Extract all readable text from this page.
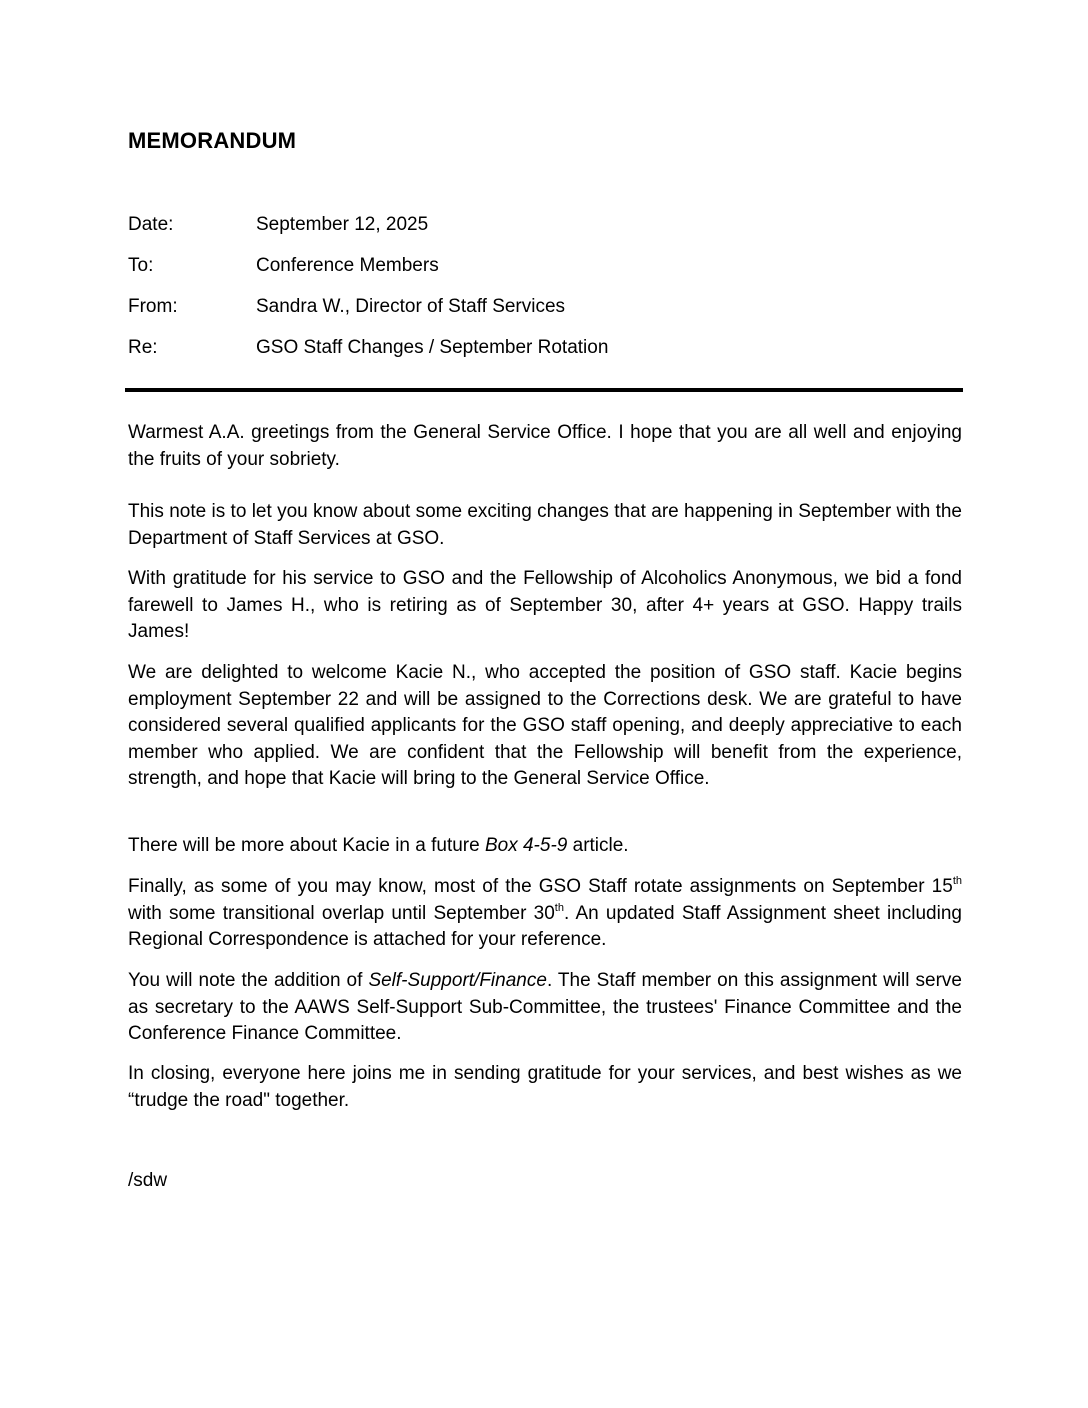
MEMORANDUM
Date:	September 12, 2025
To:	Conference Members
From:	Sandra W., Director of Staff Services
Re:	GSO Staff Changes / September Rotation

Warmest A.A. greetings from the General Service Office. I hope that you are all well and enjoying the fruits of your sobriety.

This note is to let you know about some exciting changes that are happening in September with the Department of Staff Services at GSO.

With gratitude for his service to GSO and the Fellowship of Alcoholics Anonymous, we bid a fond farewell to James H., who is retiring as of September 30, after 4+ years at GSO. Happy trails James!

We are delighted to welcome Kacie N., who accepted the position of GSO staff. Kacie begins employment September 22 and will be assigned to the Corrections desk. We are grateful to have considered several qualified applicants for the GSO staff opening, and deeply appreciative to each member who applied. We are confident that the Fellowship will benefit from the experience, strength, and hope that Kacie will bring to the General Service Office.

There will be more about Kacie in a future Box 4-5-9 article.

Finally, as some of you may know, most of the GSO Staff rotate assignments on September 15th with some transitional overlap until September 30th. An updated Staff Assignment sheet including Regional Correspondence is attached for your reference.

You will note the addition of Self-Support/Finance. The Staff member on this assignment will serve as secretary to the AAWS Self-Support Sub-Committee, the trustees' Finance Committee and the Conference Finance Committee.

In closing, everyone here joins me in sending gratitude for your services, and best wishes as we “trudge the road" together.

/sdw
